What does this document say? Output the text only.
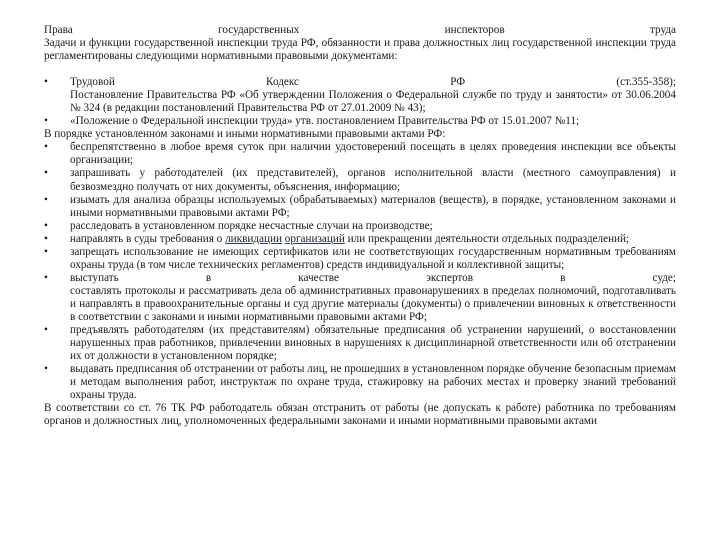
Права государственных инспекторов труда
Задачи и функции государственной инспекции труда РФ, обязанности и права должностных лиц государственной инспекции труда регламентированы следующими нормативными правовыми документами:
• Трудовой Кодекс РФ (ст.355-358);
Постановление Правительства РФ «Об утверждении Положения о Федеральной службе по труду и занятости» от 30.06.2004 № 324 (в редакции постановлений Правительства РФ от 27.01.2009 № 43);
• «Положение о Федеральной инспекции труда» утв. постановлением Правительства РФ от 15.01.2007 №11;
В порядке установленном законами и иными нормативными правовыми актами РФ:
• беспрепятственно в любое время суток при наличии удостоверений посещать в целях проведения инспекции все объекты организации;
• запрашивать у работодателей (их представителей), органов исполнительной власти (местного самоуправления) и безвозмездно получать от них документы, объяснения, информацию;
• изымать для анализа образцы используемых (обрабатываемых) материалов (веществ), в порядке, установленном законами и иными нормативными правовыми актами РФ;
• расследовать в установленном порядке несчастные случаи на производстве;
• направлять в суды требования о ликвидации организаций или прекращении деятельности отдельных подразделений;
• запрещать использование не имеющих сертификатов или не соответствующих государственным нормативным требованиям охраны труда (в том числе технических регламентов) средств индивидуальной и коллективной защиты;
• выступать в качестве экспертов в суде;
составлять протоколы и рассматривать дела об административных правонарушениях в пределах полномочий, подготавливать и направлять в правоохранительные органы и суд другие материалы (документы) о привлечении виновных к ответственности в соответствии с законами и иными нормативными правовыми актами РФ;
• предъявлять работодателям (их представителям) обязательные предписания об устранении нарушений, о восстановлении нарушенных прав работников, привлечении виновных в нарушениях к дисциплинарной ответственности или об отстранении их от должности в установленном порядке;
• выдавать предписания об отстранении от работы лиц, не прошедших в установленном порядке обучение безопасным приемам и методам выполнения работ, инструктаж по охране труда, стажировку на рабочих местах и проверку знаний требований охраны труда.
В соответствии со ст. 76 ТК РФ работодатель обязан отстранить от работы (не допускать к работе) работника по требованиям органов и должностных лиц, уполномоченных федеральными законами и иными нормативными правовыми актами
